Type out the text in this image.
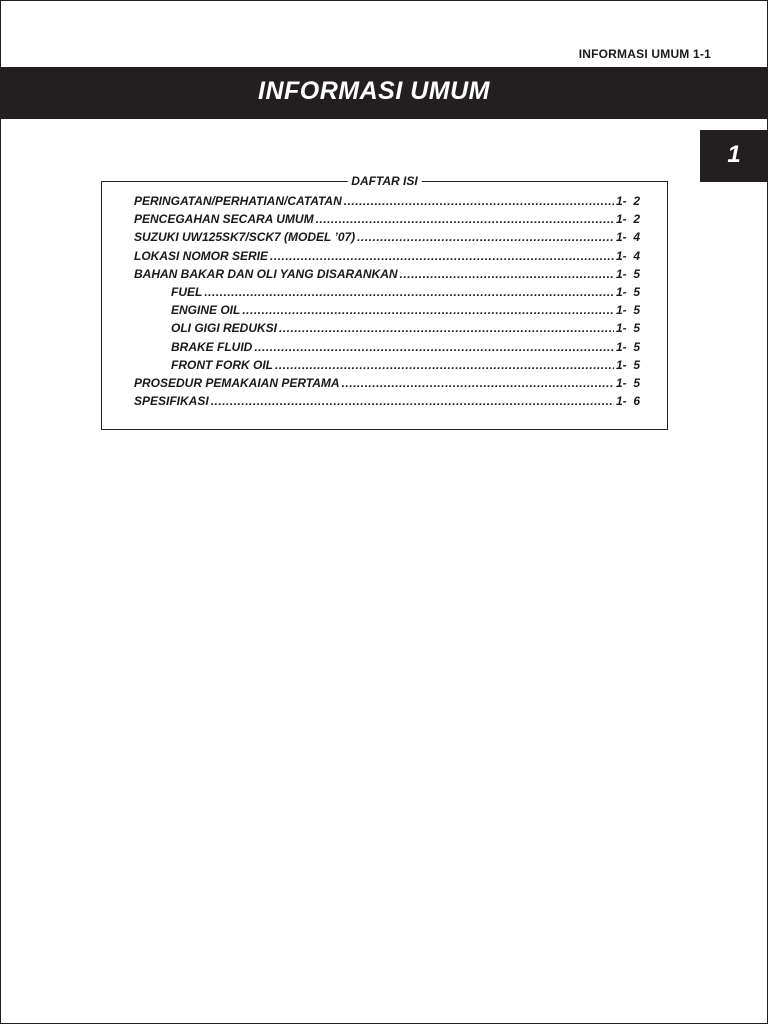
INFORMASI UMUM 1-1
INFORMASI UMUM
1
DAFTAR ISI
PERINGATAN/PERHATIAN/CATATAN .....	1-  2
PENCEGAHAN SECARA UMUM .....	1-  2
SUZUKI UW125SK7/SCK7 (MODEL ’07) .....	1-  4
LOKASI NOMOR SERIE .....	1-  4
BAHAN BAKAR DAN OLI YANG DISARANKAN .....	1-  5
FUEL .....	1-  5
ENGINE OIL .....	1-  5
OLI GIGI REDUKSI .....	1-  5
BRAKE FLUID .....	1-  5
FRONT FORK OIL .....	1-  5
PROSEDUR PEMAKAIAN PERTAMA .....	1-  5
SPESIFIKASI .....	1-  6
